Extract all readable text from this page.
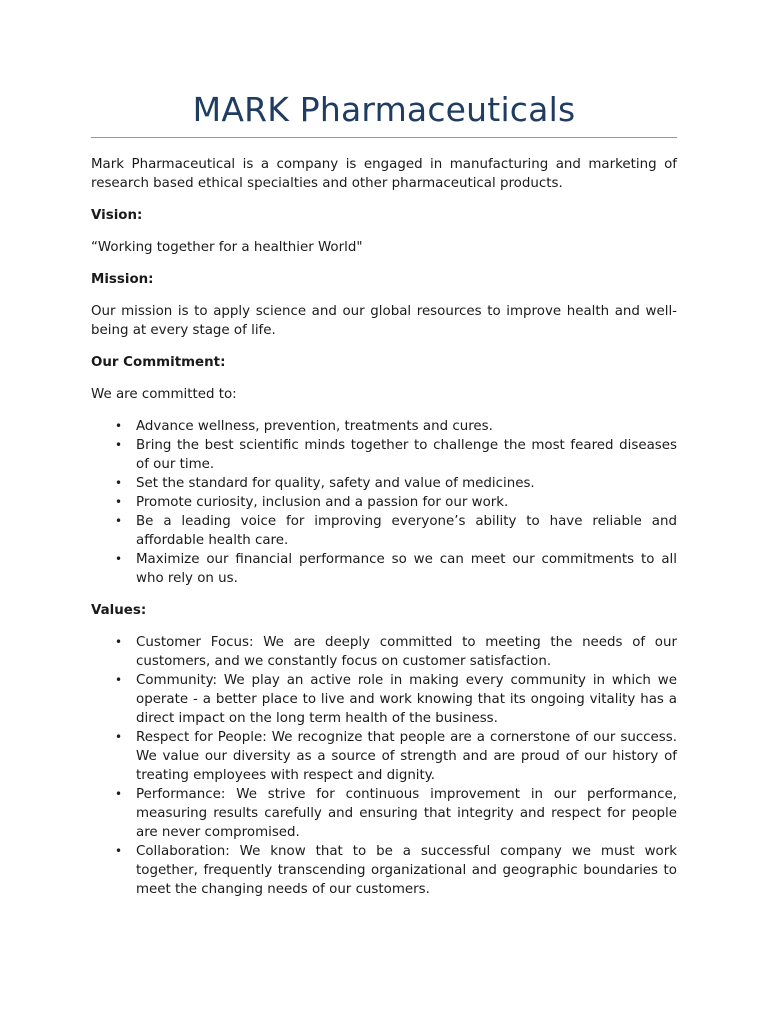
MARK Pharmaceuticals

Mark Pharmaceutical is a company is engaged in manufacturing and marketing of research based ethical specialties and other pharmaceutical products.

Vision:

“Working together for a healthier World"

Mission:

Our mission is to apply science and our global resources to improve health and well-being at every stage of life.

Our Commitment:

We are committed to:

• Advance wellness, prevention, treatments and cures.
• Bring the best scientific minds together to challenge the most feared diseases of our time.
• Set the standard for quality, safety and value of medicines.
• Promote curiosity, inclusion and a passion for our work.
• Be a leading voice for improving everyone’s ability to have reliable and affordable health care.
• Maximize our financial performance so we can meet our commitments to all who rely on us.

Values:

• Customer Focus: We are deeply committed to meeting the needs of our customers, and we constantly focus on customer satisfaction.
• Community: We play an active role in making every community in which we operate - a better place to live and work knowing that its ongoing vitality has a direct impact on the long term health of the business.
• Respect for People: We recognize that people are a cornerstone of our success. We value our diversity as a source of strength and are proud of our history of treating employees with respect and dignity.
• Performance: We strive for continuous improvement in our performance, measuring results carefully and ensuring that integrity and respect for people are never compromised.
• Collaboration: We know that to be a successful company we must work together, frequently transcending organizational and geographic boundaries to meet the changing needs of our customers.
